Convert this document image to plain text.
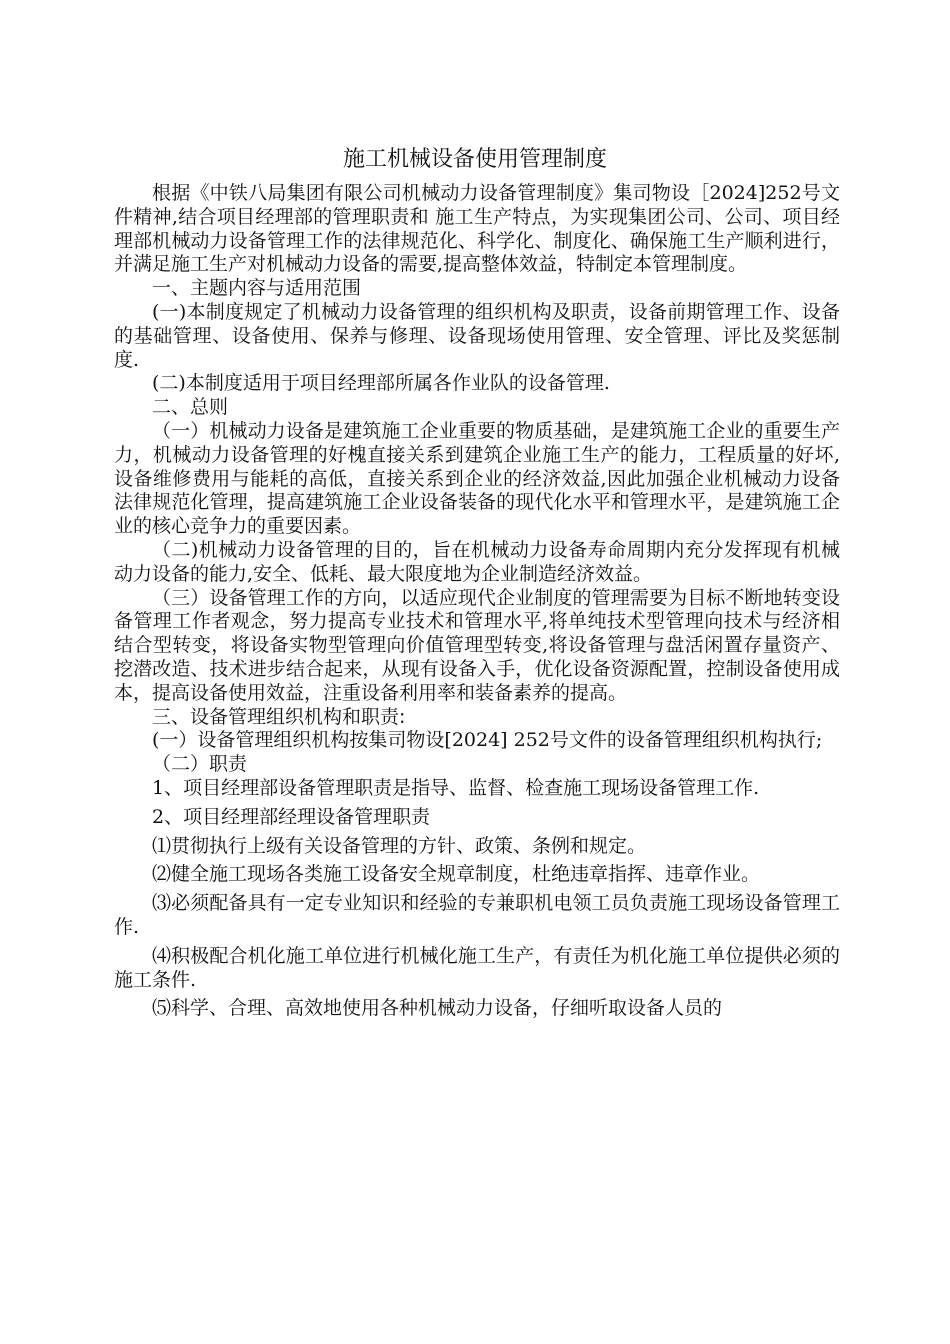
施工机械设备使用管理制度

根据《中铁八局集团有限公司机械动力设备管理制度》集司物设［2024]252号文件精神,结合项目经理部的管理职责和 施工生产特点，为实现集团公司、公司、项目经理部机械动力设备管理工作的法律规范化、科学化、制度化、确保施工生产顺利进行，并满足施工生产对机械动力设备的需要,提高整体效益，特制定本管理制度。

一、主题内容与适用范围

(一)本制度规定了机械动力设备管理的组织机构及职责，设备前期管理工作、设备的基础管理、设备使用、保养与修理、设备现场使用管理、安全管理、评比及奖惩制度.

(二)本制度适用于项目经理部所属各作业队的设备管理.

二、总则

（一）机械动力设备是建筑施工企业重要的物质基础，是建筑施工企业的重要生产力，机械动力设备管理的好槐直接关系到建筑企业施工生产的能力，工程质量的好坏,设备维修费用与能耗的高低，直接关系到企业的经济效益,因此加强企业机械动力设备法律规范化管理，提高建筑施工企业设备装备的现代化水平和管理水平，是建筑施工企业的核心竞争力的重要因素。

（二)机械动力设备管理的目的，旨在机械动力设备寿命周期内充分发挥现有机械动力设备的能力,安全、低耗、最大限度地为企业制造经济效益。

（三）设备管理工作的方向，以适应现代企业制度的管理需要为目标不断地转变设备管理工作者观念，努力提高专业技术和管理水平,将单纯技术型管理向技术与经济相结合型转变，将设备实物型管理向价值管理型转变,将设备管理与盘活闲置存量资产、挖潜改造、技术进步结合起来，从现有设备入手，优化设备资源配置，控制设备使用成本，提高设备使用效益，注重设备利用率和装备素养的提高。

三、设备管理组织机构和职责:

(一）设备管理组织机构按集司物设[2024] 252号文件的设备管理组织机构执行;

（二）职责

1、项目经理部设备管理职责是指导、监督、检查施工现场设备管理工作.

2、项目经理部经理设备管理职责

⑴贯彻执行上级有关设备管理的方针、政策、条例和规定。

⑵健全施工现场各类施工设备安全规章制度，杜绝违章指挥、违章作业。

⑶必须配备具有一定专业知识和经验的专兼职机电领工员负责施工现场设备管理工作.

⑷积极配合机化施工单位进行机械化施工生产，有责任为机化施工单位提供必须的施工条件.

⑸科学、合理、高效地使用各种机械动力设备，仔细听取设备人员的
